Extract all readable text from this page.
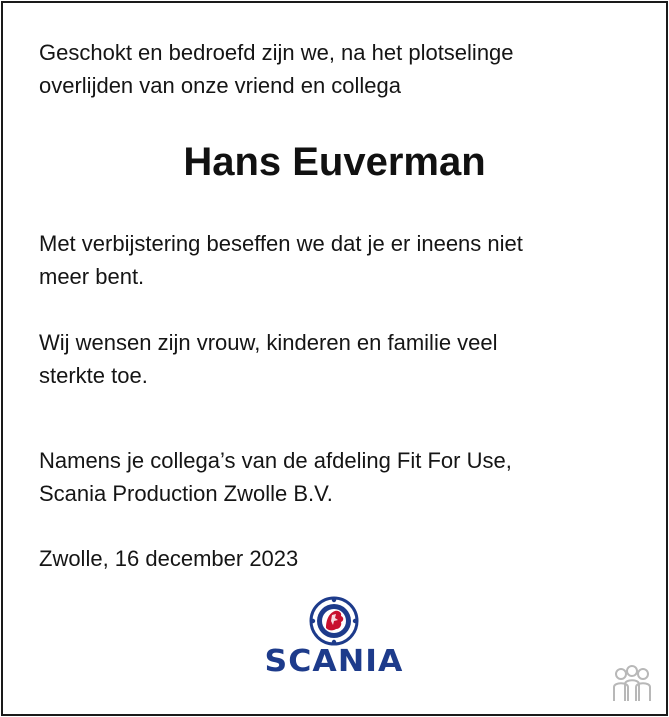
Geschokt en bedroefd zijn we, na het plotselinge
overlijden van onze vriend en collega

Hans Euverman

Met verbijstering beseffen we dat je er ineens niet
meer bent.

Wij wensen zijn vrouw, kinderen en familie veel
sterkte toe.

Namens je collega’s van de afdeling Fit For Use,
Scania Production Zwolle B.V.

Zwolle, 16 december 2023

SCANIA
